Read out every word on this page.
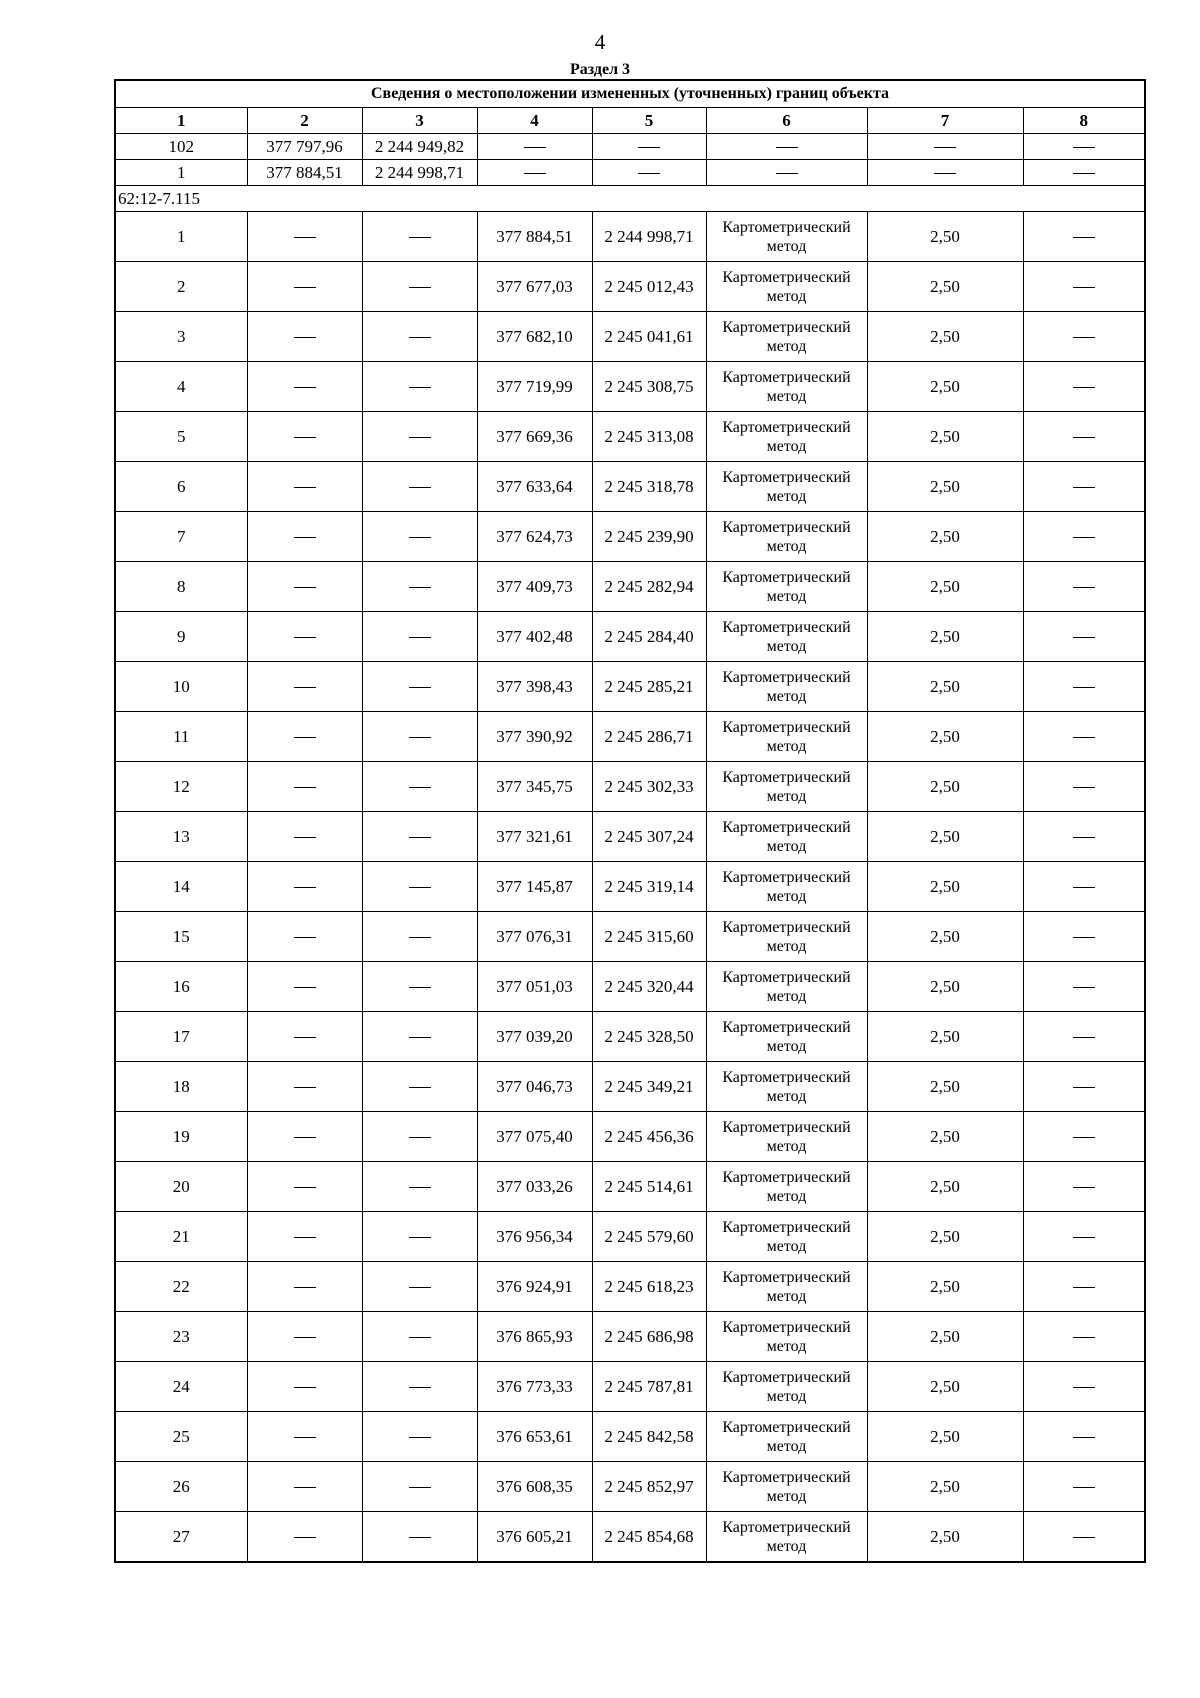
4
Раздел 3
Сведения о местоположении измененных (уточненных) границ объекта							
1	2	3	4	5	6	7	8
102	377 797,96	2 244 949,82					
1	377 884,51	2 244 998,71					
62:12-7.115							
1			377 884,51	2 244 998,71	Картометрический метод	2,50	
2			377 677,03	2 245 012,43	Картометрический метод	2,50	
3			377 682,10	2 245 041,61	Картометрический метод	2,50	
4			377 719,99	2 245 308,75	Картометрический метод	2,50	
5			377 669,36	2 245 313,08	Картометрический метод	2,50	
6			377 633,64	2 245 318,78	Картометрический метод	2,50	
7			377 624,73	2 245 239,90	Картометрический метод	2,50	
8			377 409,73	2 245 282,94	Картометрический метод	2,50	
9			377 402,48	2 245 284,40	Картометрический метод	2,50	
10			377 398,43	2 245 285,21	Картометрический метод	2,50	
11			377 390,92	2 245 286,71	Картометрический метод	2,50	
12			377 345,75	2 245 302,33	Картометрический метод	2,50	
13			377 321,61	2 245 307,24	Картометрический метод	2,50	
14			377 145,87	2 245 319,14	Картометрический метод	2,50	
15			377 076,31	2 245 315,60	Картометрический метод	2,50	
16			377 051,03	2 245 320,44	Картометрический метод	2,50	
17			377 039,20	2 245 328,50	Картометрический метод	2,50	
18			377 046,73	2 245 349,21	Картометрический метод	2,50	
19			377 075,40	2 245 456,36	Картометрический метод	2,50	
20			377 033,26	2 245 514,61	Картометрический метод	2,50	
21			376 956,34	2 245 579,60	Картометрический метод	2,50	
22			376 924,91	2 245 618,23	Картометрический метод	2,50	
23			376 865,93	2 245 686,98	Картометрический метод	2,50	
24			376 773,33	2 245 787,81	Картометрический метод	2,50	
25			376 653,61	2 245 842,58	Картометрический метод	2,50	
26			376 608,35	2 245 852,97	Картометрический метод	2,50	
27			376 605,21	2 245 854,68	Картометрический метод	2,50	
